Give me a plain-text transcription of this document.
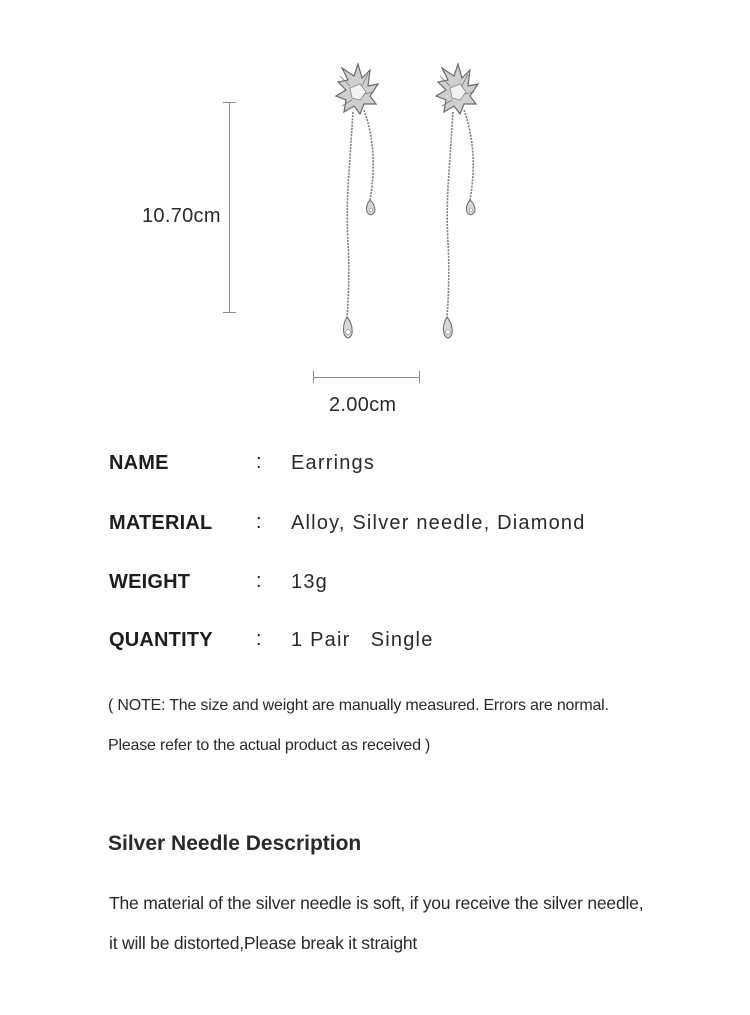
10.70cm
2.00cm
NAME	: Earrings
MATERIAL : Alloy, Silver needle, Diamond
WEIGHT	: 13g
QUANTITY : 1 Pair   Single
( NOTE: The size and weight are manually measured. Errors are normal.
Please refer to the actual product as received )
Silver Needle Description
The material of the silver needle is soft, if you receive the silver needle,
it will be distorted,Please break it straight
